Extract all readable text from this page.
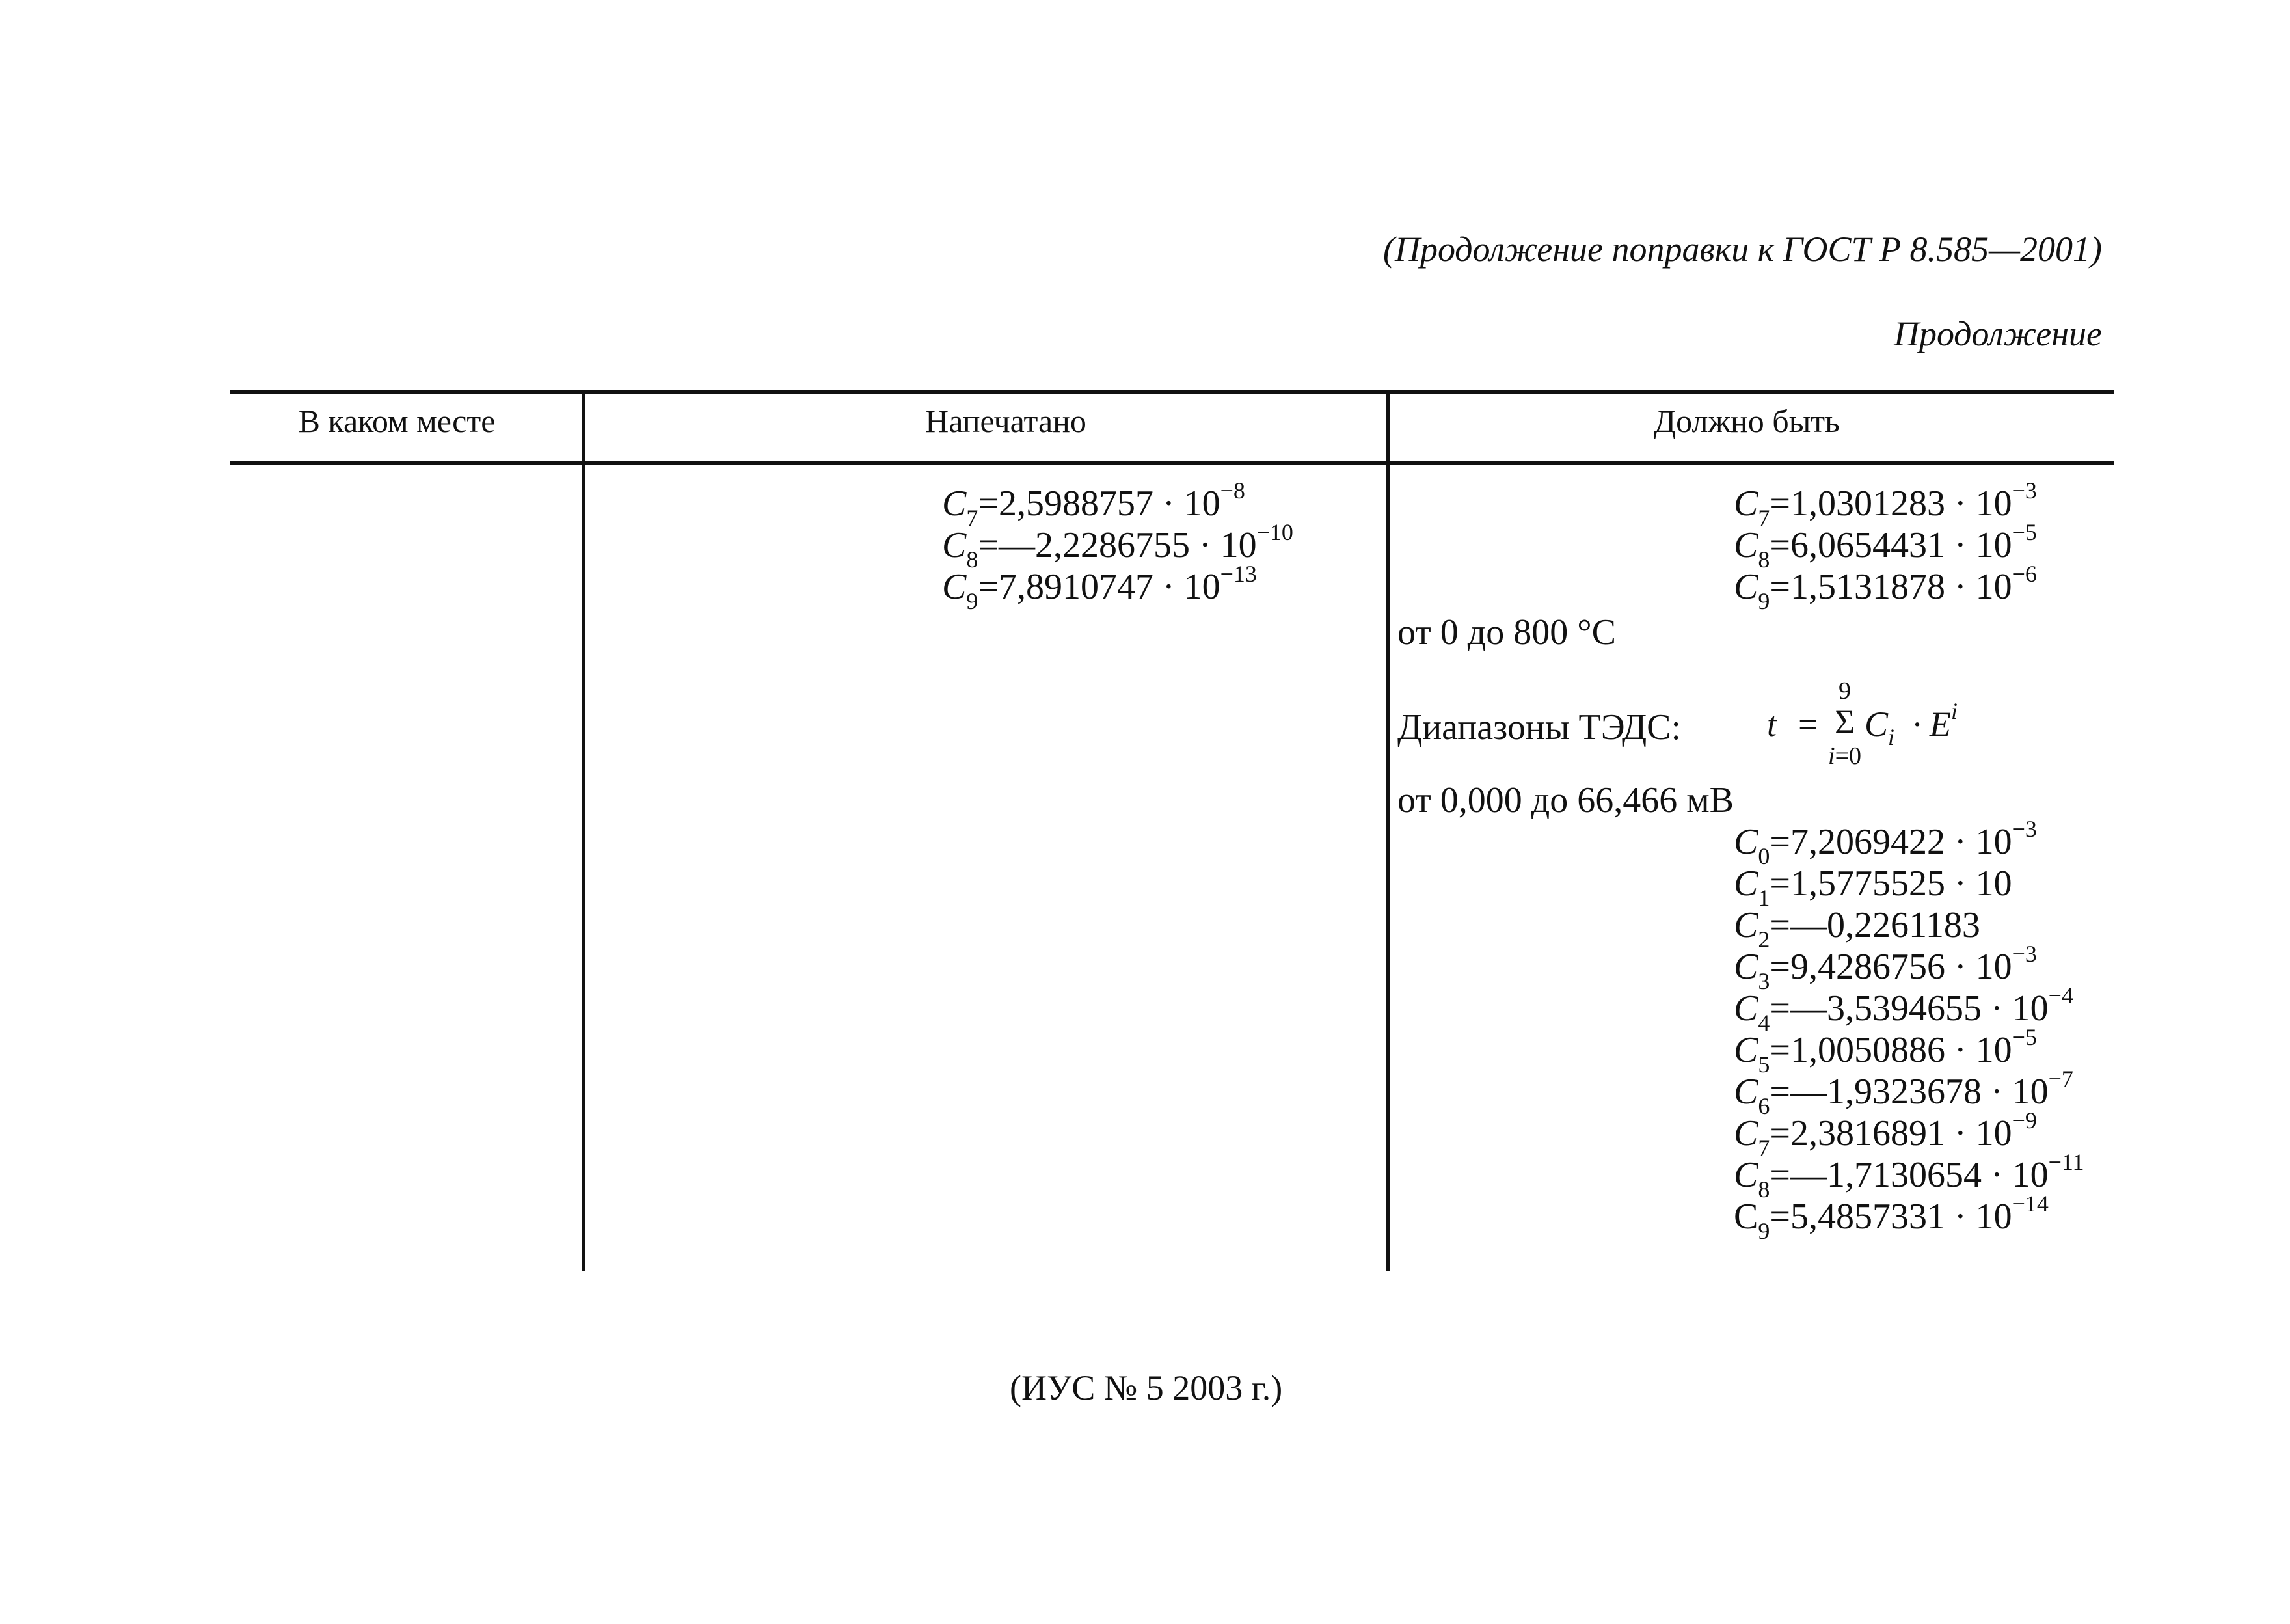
(Продолжение поправки к ГОСТ Р 8.585—2001)
Продолжение
В каком месте	Напечатано	Должно быть
$C_7=2,5988757 \cdot 10^{-8}$
$C_8=—2,2286755 \cdot 10^{-10}$
$C_9=7,8910747 \cdot 10^{-13}$
$C_7=1,0301283 \cdot 10^{-3}$
$C_8=6,0654431 \cdot 10^{-5}$
$C_9=1,5131878 \cdot 10^{-6}$
от 0 до 800 °C
Диапазоны ТЭДС: t =
9
Σ
i=0
$C_i \cdot E^i$
от 0,000 до 66,466 мВ
$C_0=7,2069422 \cdot 10^{-3}$
$C_1=1,5775525 \cdot 10$
$C_2=—0,2261183$
$C_3=9,4286756 \cdot 10^{-3}$
$C_4=—3,5394655 \cdot 10^{-4}$
$C_5=1,0050886 \cdot 10^{-5}$
$C_6=—1,9323678 \cdot 10^{-7}$
$C_7=2,3816891 \cdot 10^{-9}$
$C_8=—1,7130654 \cdot 10^{-11}$
$C_9=5,4857331 \cdot 10^{-14}$
(ИУС № 5 2003 г.)
